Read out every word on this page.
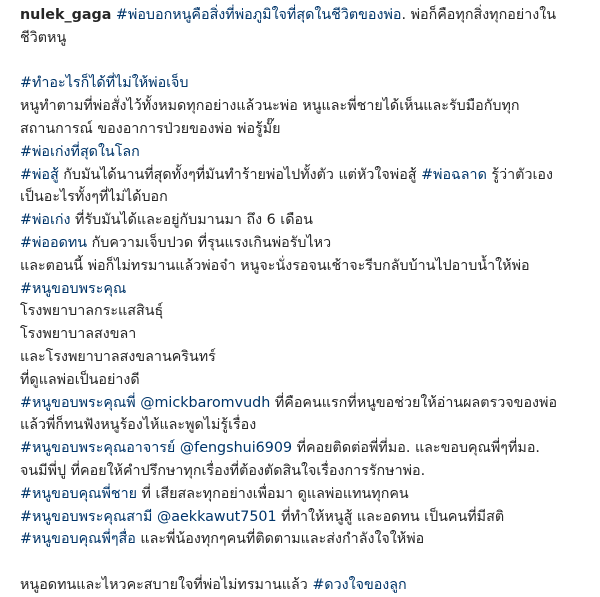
nulek_gaga #พ่อบอกหนูคือสิ่งที่พ่อภูมิใจที่สุดในชีวิตของพ่อ. พ่อก็คือทุกสิ่งทุกอย่างใน
ชีวิตหนู
#ทำอะไรก็ได้ที่ไม่ให้พ่อเจ็บ
หนูทำตามที่พ่อสั่งไว้ทั้งหมดทุกอย่างแล้วนะพ่อ หนูและพี่ชายได้เห็นและรับมือกับทุก
สถานการณ์ ของอาการป่วยของพ่อ พ่อรู้มั๊ย
#พ่อเก่งที่สุดในโลก
#พ่อสู้ กับมันได้นานที่สุดทั้งๆที่มันทำร้ายพ่อไปทั้งตัว แต่หัวใจพ่อสู้ #พ่อฉลาด รู้ว่าตัวเอง
เป็นอะไรทั้งๆที่ไม่ได้บอก
#พ่อเก่ง ที่รับมันได้และอยู่กับมานมา ถึง 6 เดือน
#พ่ออดทน กับความเจ็บปวด ที่รุนแรงเกินพ่อรับไหว
และตอนนี้ พ่อก็ไม่ทรมานแล้วพ่อจ๋า หนูจะนั่งรอจนเช้าจะรีบกลับบ้านไปอาบน้ำให้พ่อ
#หนูขอบพระคุณ
โรงพยาบาลกระแสสินธุ์
โรงพยาบาลสงขลา
และโรงพยาบาลสงขลานครินทร์
ที่ดูแลพ่อเป็นอย่างดี
#หนูขอบพระคุณพี่ @mickbaromvudh ที่คือคนแรกที่หนูขอช่วยให้อ่านผลตรวจของพ่อ
แล้วพี่ก็ทนฟังหนูร้องไห้และพูดไม่รู้เรื่อง
#หนูขอบพระคุณอาจารย์ @fengshui6909 ที่คอยติดต่อพี่ที่มอ. และขอบคุณพี่ๆที่มอ.
จนมีพี่ปู ที่คอยให้คำปรึกษาทุกเรื่องที่ต้องตัดสินใจเรื่องการรักษาพ่อ.
#หนูขอบคุณพี่ชาย ที่ เสียสละทุกอย่างเพื่อมา ดูแลพ่อแทนทุกคน
#หนูขอบพระคุณสามี @aekkawut7501 ที่ทำให้หนูสู้ และอดทน เป็นคนที่มีสติ
#หนูขอบคุณพี่ๆสื่อ และพี่น้องทุกๆคนที่ติดตามและส่งกำลังใจให้พ่อ
หนูอดทนและไหวคะสบายใจที่พ่อไม่ทรมานแล้ว #ดวงใจของลูก
